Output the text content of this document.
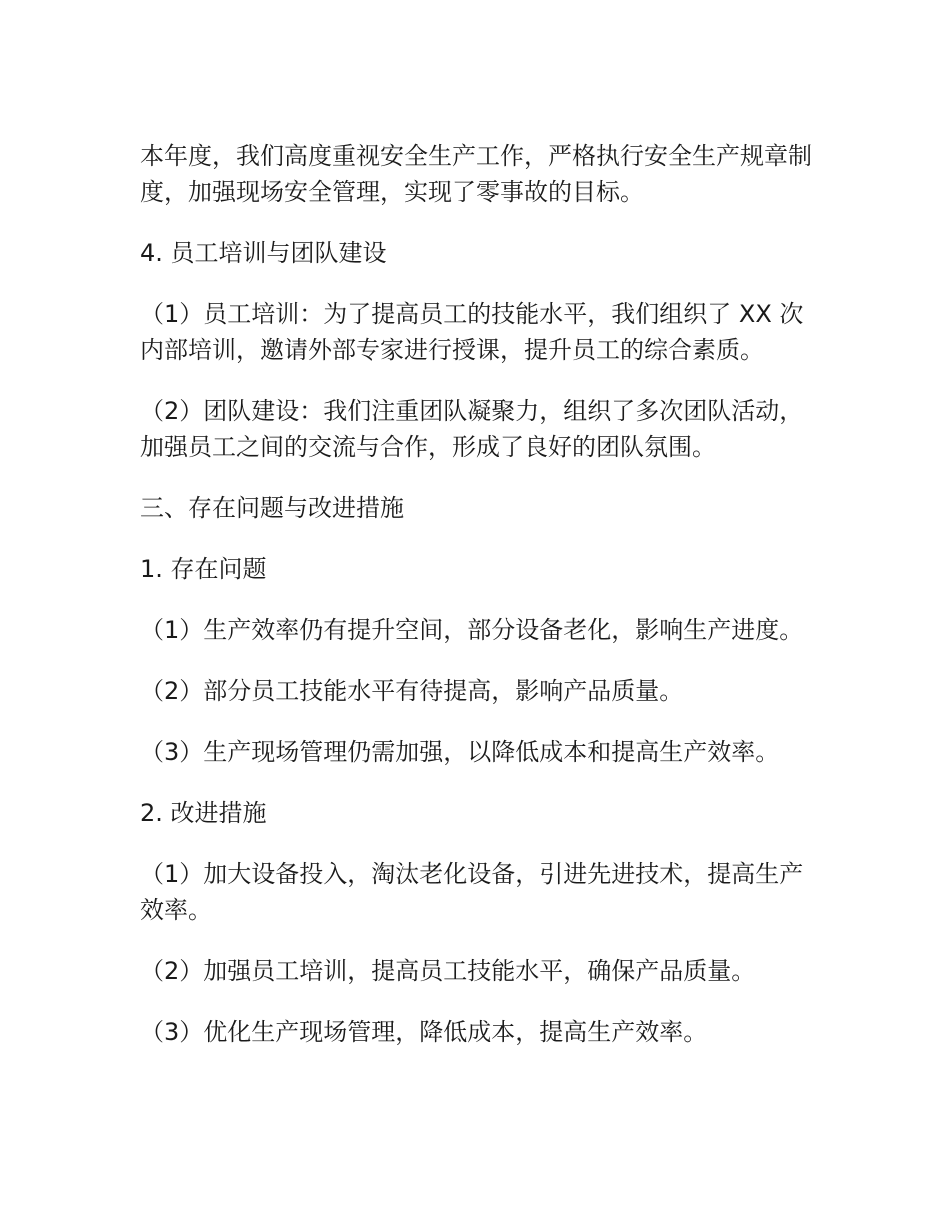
本年度，我们高度重视安全生产工作，严格执行安全生产规章制度，加强现场安全管理，实现了零事故的目标。

4. 员工培训与团队建设

（1）员工培训：为了提高员工的技能水平，我们组织了 XX 次内部培训，邀请外部专家进行授课，提升员工的综合素质。

（2）团队建设：我们注重团队凝聚力，组织了多次团队活动，加强员工之间的交流与合作，形成了良好的团队氛围。

三、存在问题与改进措施

1. 存在问题

（1）生产效率仍有提升空间，部分设备老化，影响生产进度。

（2）部分员工技能水平有待提高，影响产品质量。

（3）生产现场管理仍需加强，以降低成本和提高生产效率。

2. 改进措施

（1）加大设备投入，淘汰老化设备，引进先进技术，提高生产效率。

（2）加强员工培训，提高员工技能水平，确保产品质量。

（3）优化生产现场管理，降低成本，提高生产效率。
